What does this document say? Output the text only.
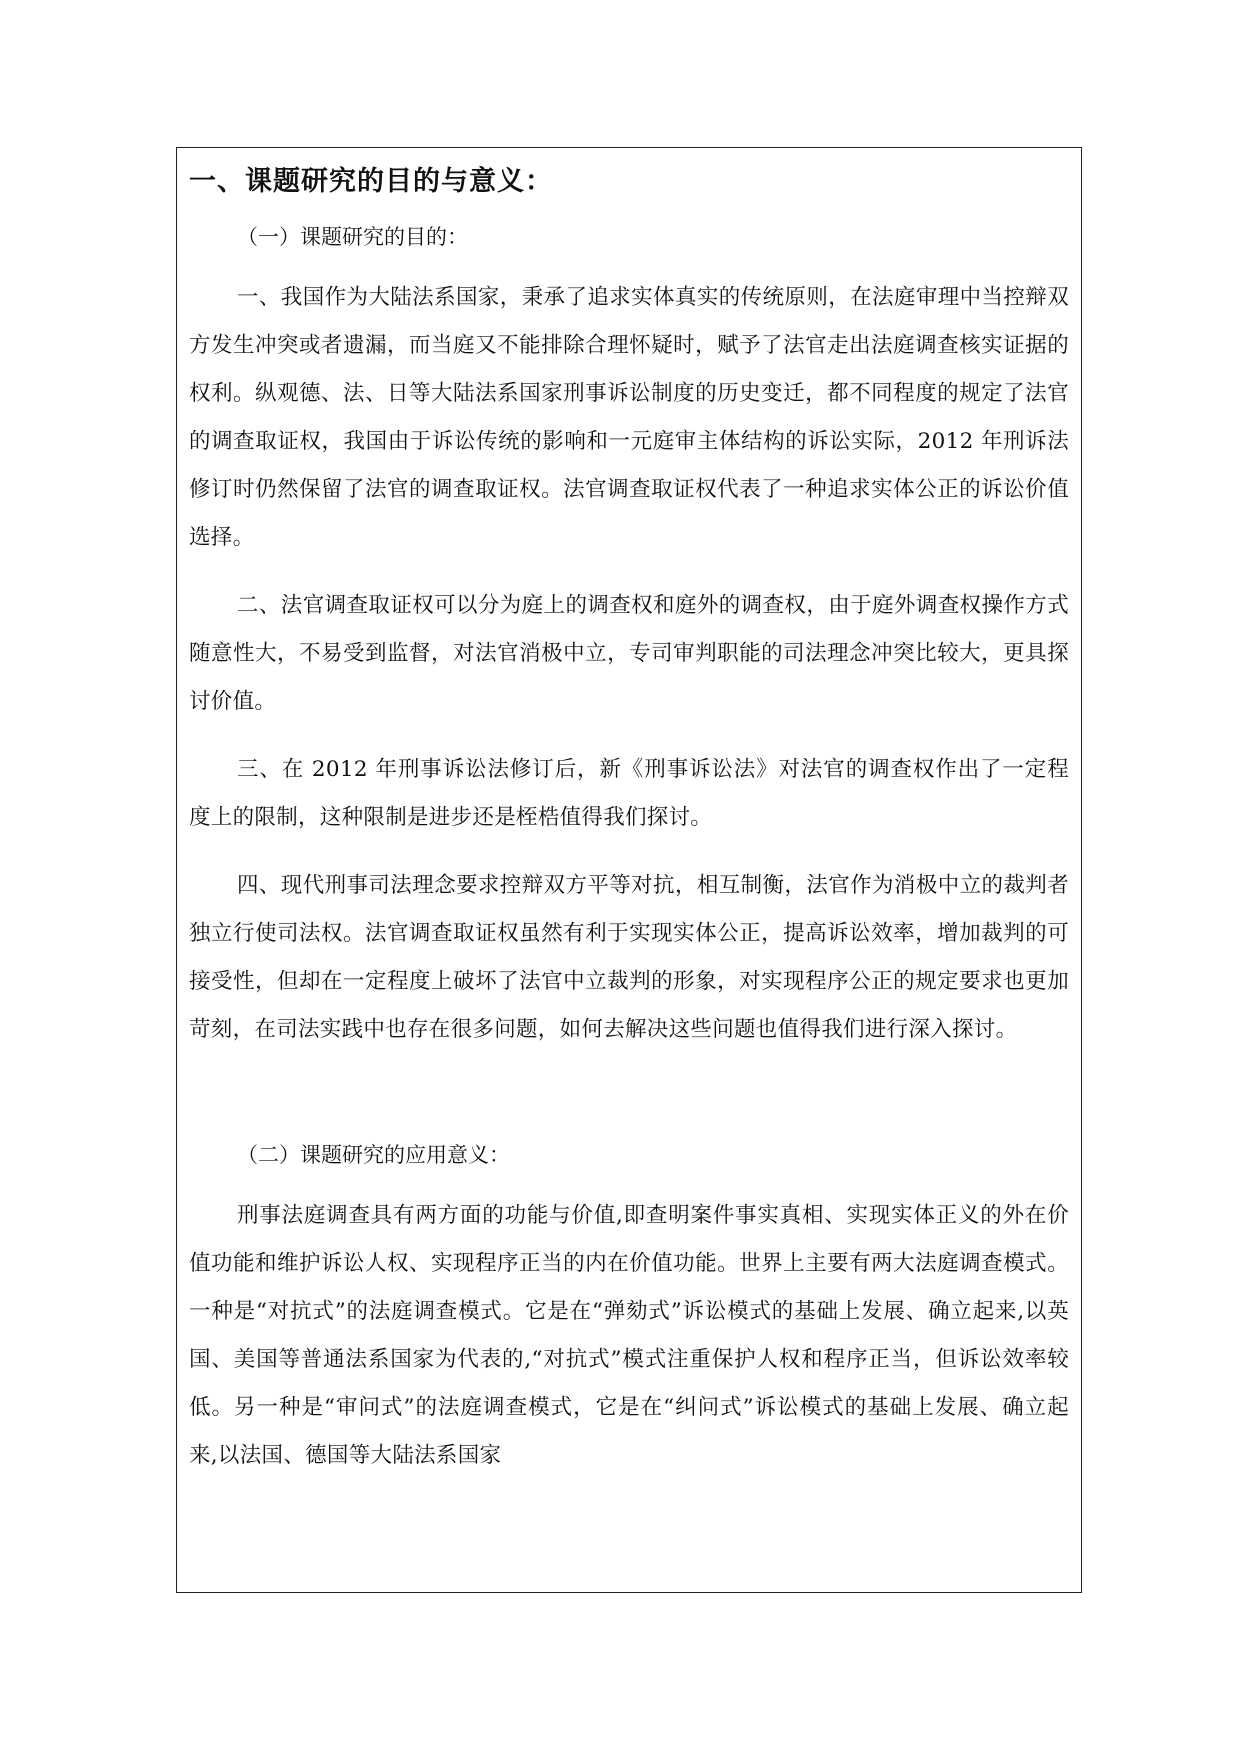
一、课题研究的目的与意义：
（一）课题研究的目的：

一、我国作为大陆法系国家，秉承了追求实体真实的传统原则，在法庭审理中当控辩双方发生冲突或者遗漏，而当庭又不能排除合理怀疑时，赋予了法官走出法庭调查核实证据的权利。纵观德、法、日等大陆法系国家刑事诉讼制度的历史变迁，都不同程度的规定了法官的调查取证权，我国由于诉讼传统的影响和一元庭审主体结构的诉讼实际，2012 年刑诉法修订时仍然保留了法官的调查取证权。法官调查取证权代表了一种追求实体公正的诉讼价值选择。

二、法官调查取证权可以分为庭上的调查权和庭外的调查权，由于庭外调查权操作方式随意性大，不易受到监督，对法官消极中立，专司审判职能的司法理念冲突比较大，更具探讨价值。

三、在 2012 年刑事诉讼法修订后，新《刑事诉讼法》对法官的调查权作出了一定程度上的限制，这种限制是进步还是桎梏值得我们探讨。

四、现代刑事司法理念要求控辩双方平等对抗，相互制衡，法官作为消极中立的裁判者独立行使司法权。法官调查取证权虽然有利于实现实体公正，提高诉讼效率，增加裁判的可接受性，但却在一定程度上破坏了法官中立裁判的形象，对实现程序公正的规定要求也更加苛刻，在司法实践中也存在很多问题，如何去解决这些问题也值得我们进行深入探讨。

（二）课题研究的应用意义：

刑事法庭调查具有两方面的功能与价值,即查明案件事实真相、实现实体正义的外在价值功能和维护诉讼人权、实现程序正当的内在价值功能。世界上主要有两大法庭调查模式。一种是“对抗式”的法庭调查模式。它是在“弹劾式”诉讼模式的基础上发展、确立起来,以英国、美国等普通法系国家为代表的,“对抗式”模式注重保护人权和程序正当，但诉讼效率较低。另一种是“审问式”的法庭调查模式，它是在“纠问式”诉讼模式的基础上发展、确立起来,以法国、德国等大陆法系国家
